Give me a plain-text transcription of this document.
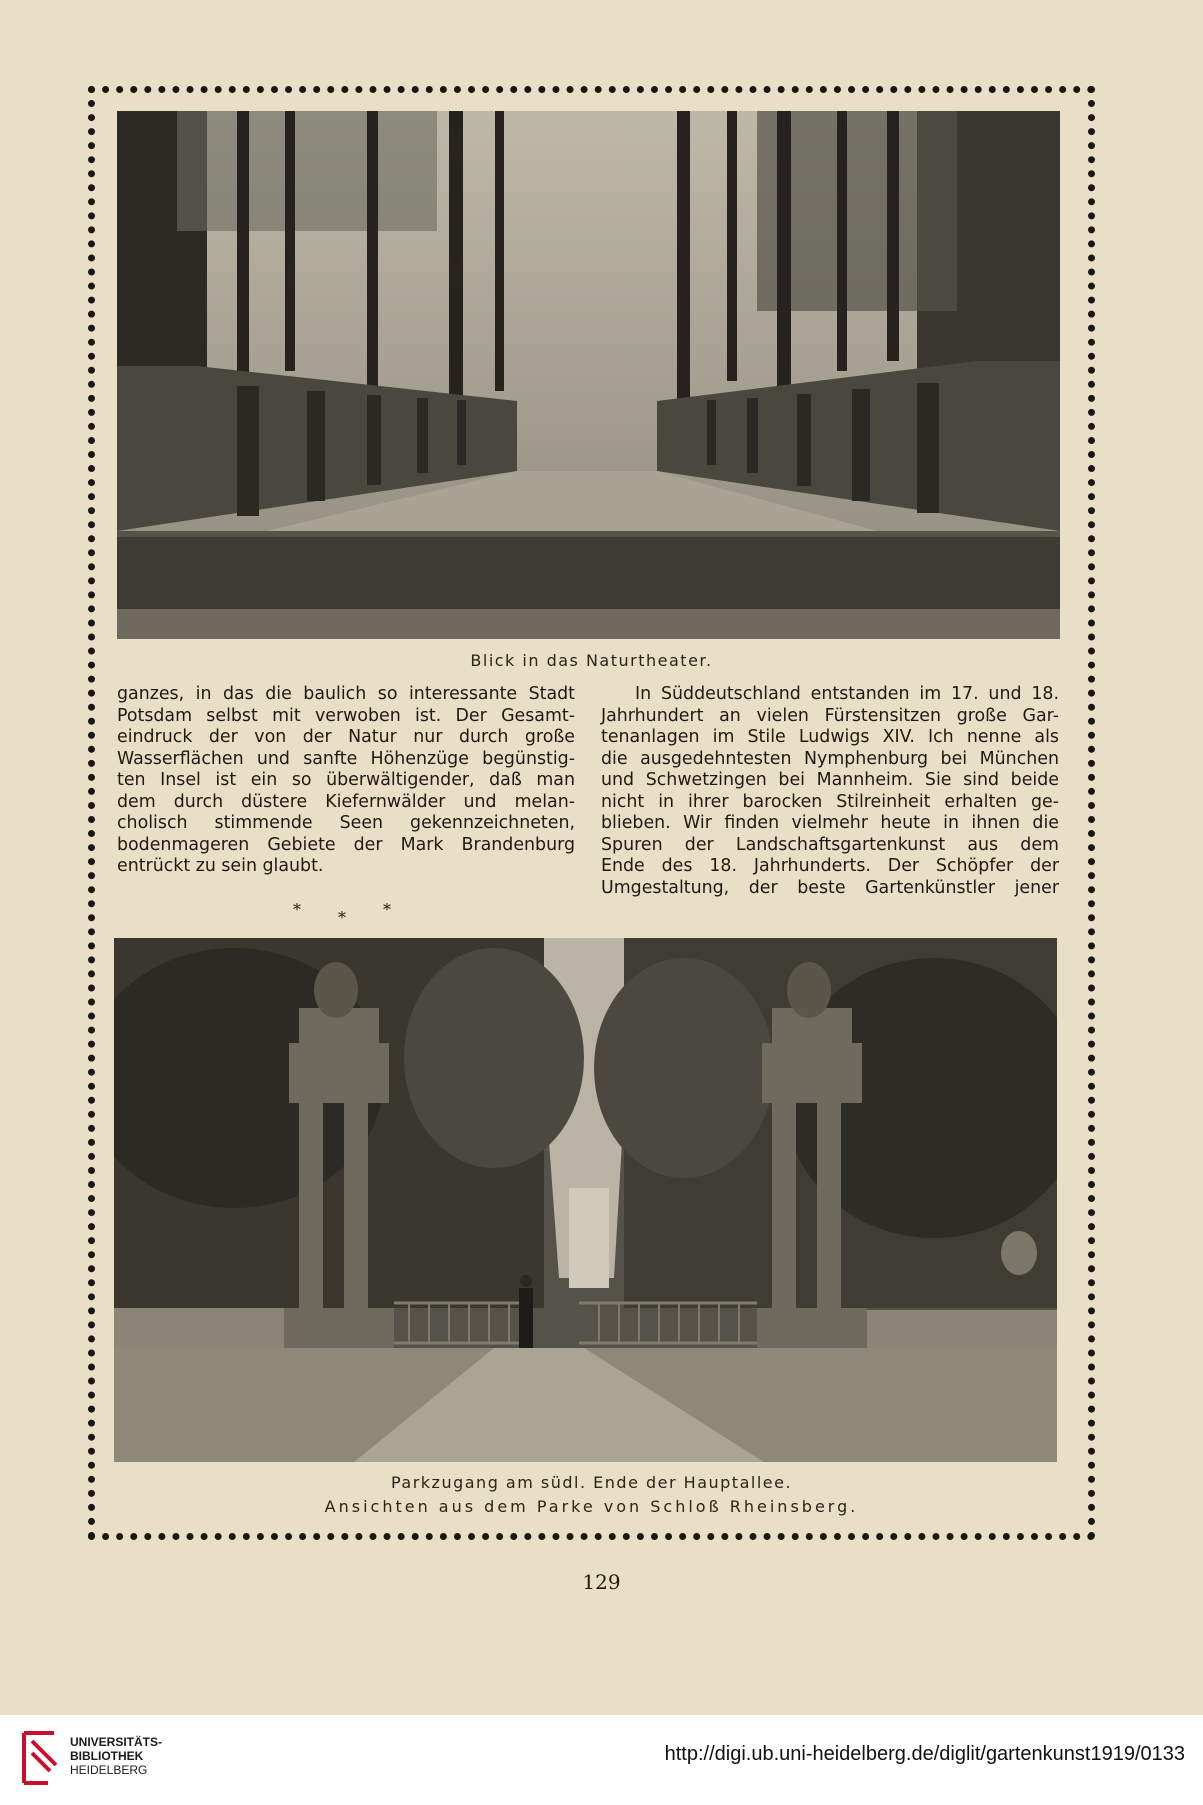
Blick in das Naturtheater.
ganzes, in das die baulich so interessante Stadt
Potsdam selbst mit verwoben ist. Der Gesamt-
eindruck der von der Natur nur durch große
Wasserflächen und sanfte Höhenzüge begünstig-
ten Insel ist ein so überwältigender, daß man
dem durch düstere Kiefernwälder und melan-
cholisch stimmende Seen gekennzeichneten,
bodenmageren Gebiete der Mark Brandenburg
entrückt zu sein glaubt.
* * *
In Süddeutschland entstanden im 17. und 18.
Jahrhundert an vielen Fürstensitzen große Gar-
tenanlagen im Stile Ludwigs XIV. Ich nenne als
die ausgedehntesten Nymphenburg bei München
und Schwetzingen bei Mannheim. Sie sind beide
nicht in ihrer barocken Stilreinheit erhalten ge-
blieben. Wir finden vielmehr heute in ihnen die
Spuren der Landschaftsgartenkunst aus dem
Ende des 18. Jahrhunderts. Der Schöpfer der
Umgestaltung, der beste Gartenkünstler jener
Parkzugang am südl. Ende der Hauptallee.
Ansichten aus dem Parke von Schloß Rheinsberg.
129
UNIVERSITÄTS-
BIBLIOTHEK
HEIDELBERG
http://digi.ub.uni-heidelberg.de/diglit/gartenkunst1919/0133
